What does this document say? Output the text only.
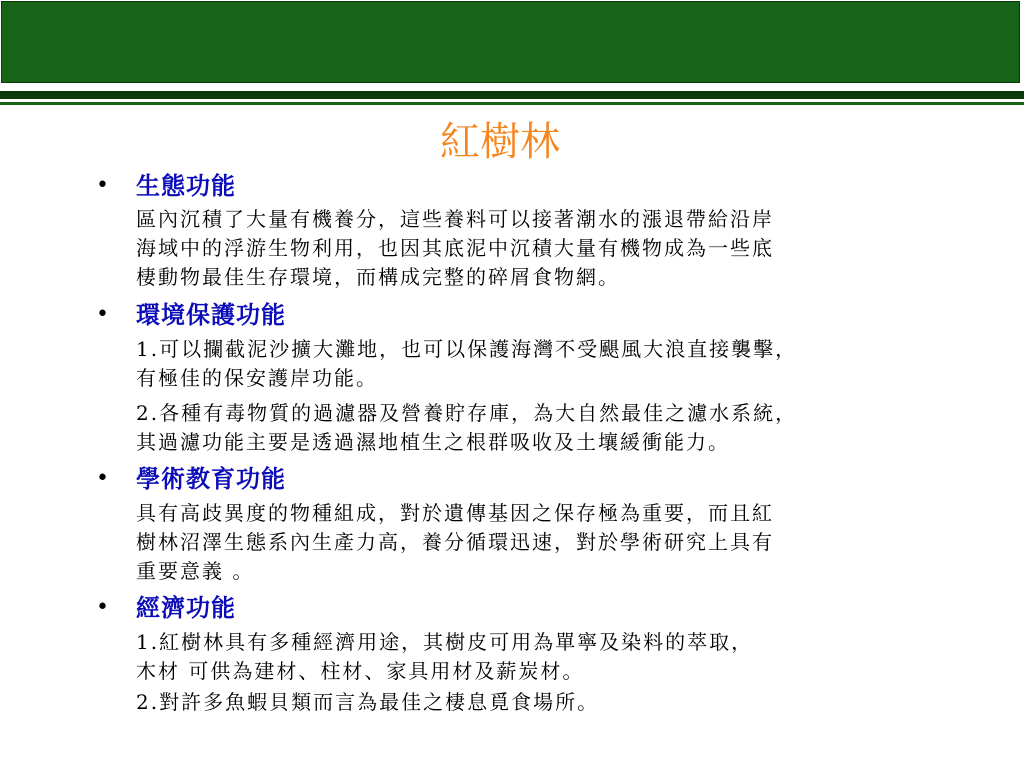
紅樹林
•	生態功能

區內沉積了大量有機養分，這些養料可以接著潮水的漲退帶給沿岸
海域中的浮游生物利用，也因其底泥中沉積大量有機物成為一些底
棲動物最佳生存環境，而構成完整的碎屑食物網。

•	環境保護功能

1.可以攔截泥沙擴大灘地，也可以保護海灣不受颶風大浪直接襲擊，
有極佳的保安護岸功能。

2.各種有毒物質的過濾器及營養貯存庫，為大自然最佳之濾水系統，
其過濾功能主要是透過濕地植生之根群吸收及土壤緩衝能力。

•	學術教育功能

具有高歧異度的物種組成，對於遺傳基因之保存極為重要，而且紅
樹林沼澤生態系內生產力高，養分循環迅速，對於學術研究上具有
重要意義 。

•	經濟功能

1.紅樹林具有多種經濟用途，其樹皮可用為單寧及染料的萃取，
木材 可供為建材、柱材、家具用材及薪炭材。

2.對許多魚蝦貝類而言為最佳之棲息覓食場所。
